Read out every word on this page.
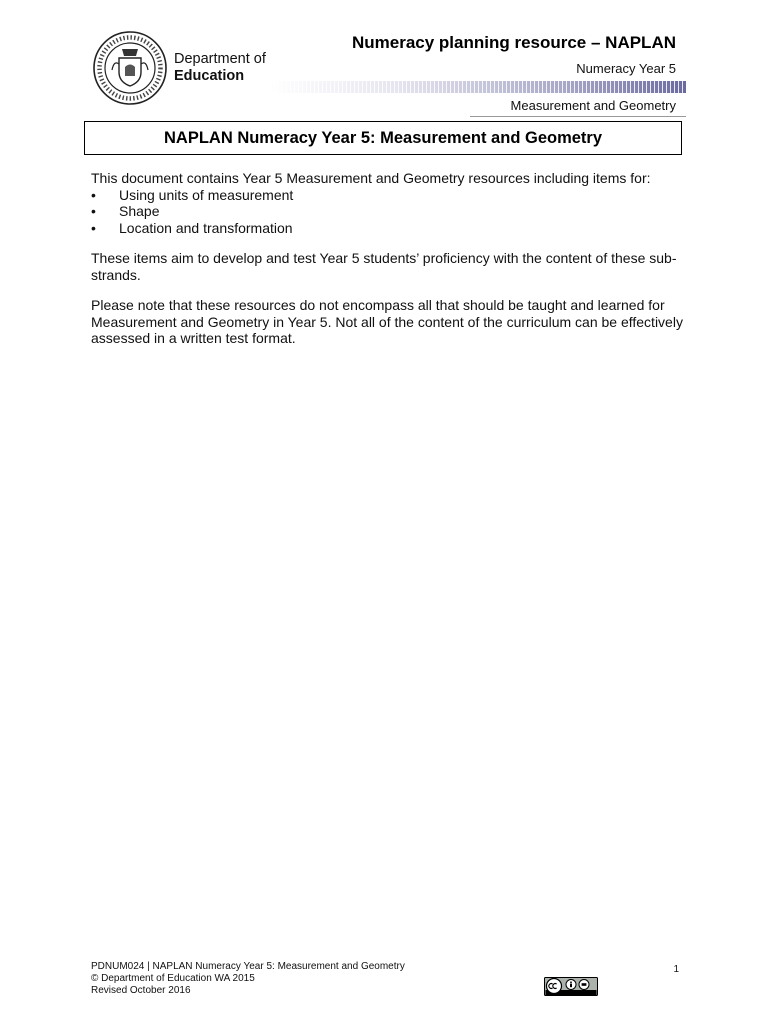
Department of
Education
Numeracy planning resource – NAPLAN
Numeracy Year 5
Measurement and Geometry
NAPLAN Numeracy Year 5: Measurement and Geometry

This document contains Year 5 Measurement and Geometry resources including items for:

• Using units of measurement
• Shape
• Location and transformation

These items aim to develop and test Year 5 students’ proficiency with the content of these sub-strands.

Please note that these resources do not encompass all that should be taught and learned for Measurement and Geometry in Year 5. Not all of the content of the curriculum can be effectively assessed in a written test format.

PDNUM024 | NAPLAN Numeracy Year 5: Measurement and Geometry
© Department of Education WA 2015
Revised October 2016
1
